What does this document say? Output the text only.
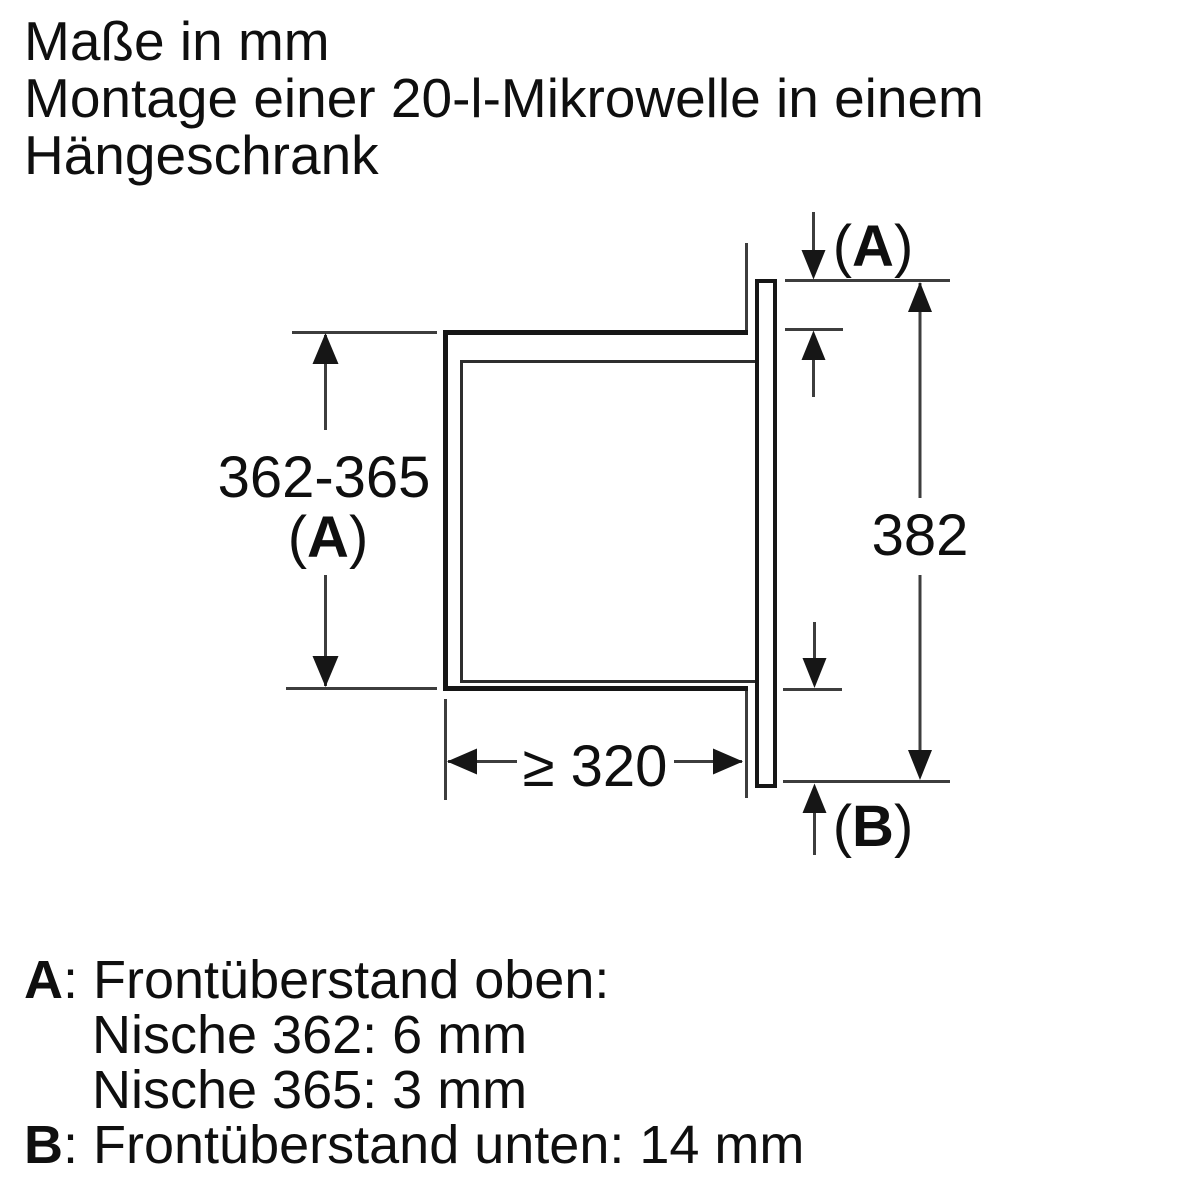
Maße in mm
Montage einer 20-l-Mikrowelle in einem
Hängeschrank
362-365
(A)
(A)
382
(B)
≥ 320
A: Frontüberstand oben:
Nische 362: 6 mm
Nische 365: 3 mm
B: Frontüberstand unten: 14 mm
